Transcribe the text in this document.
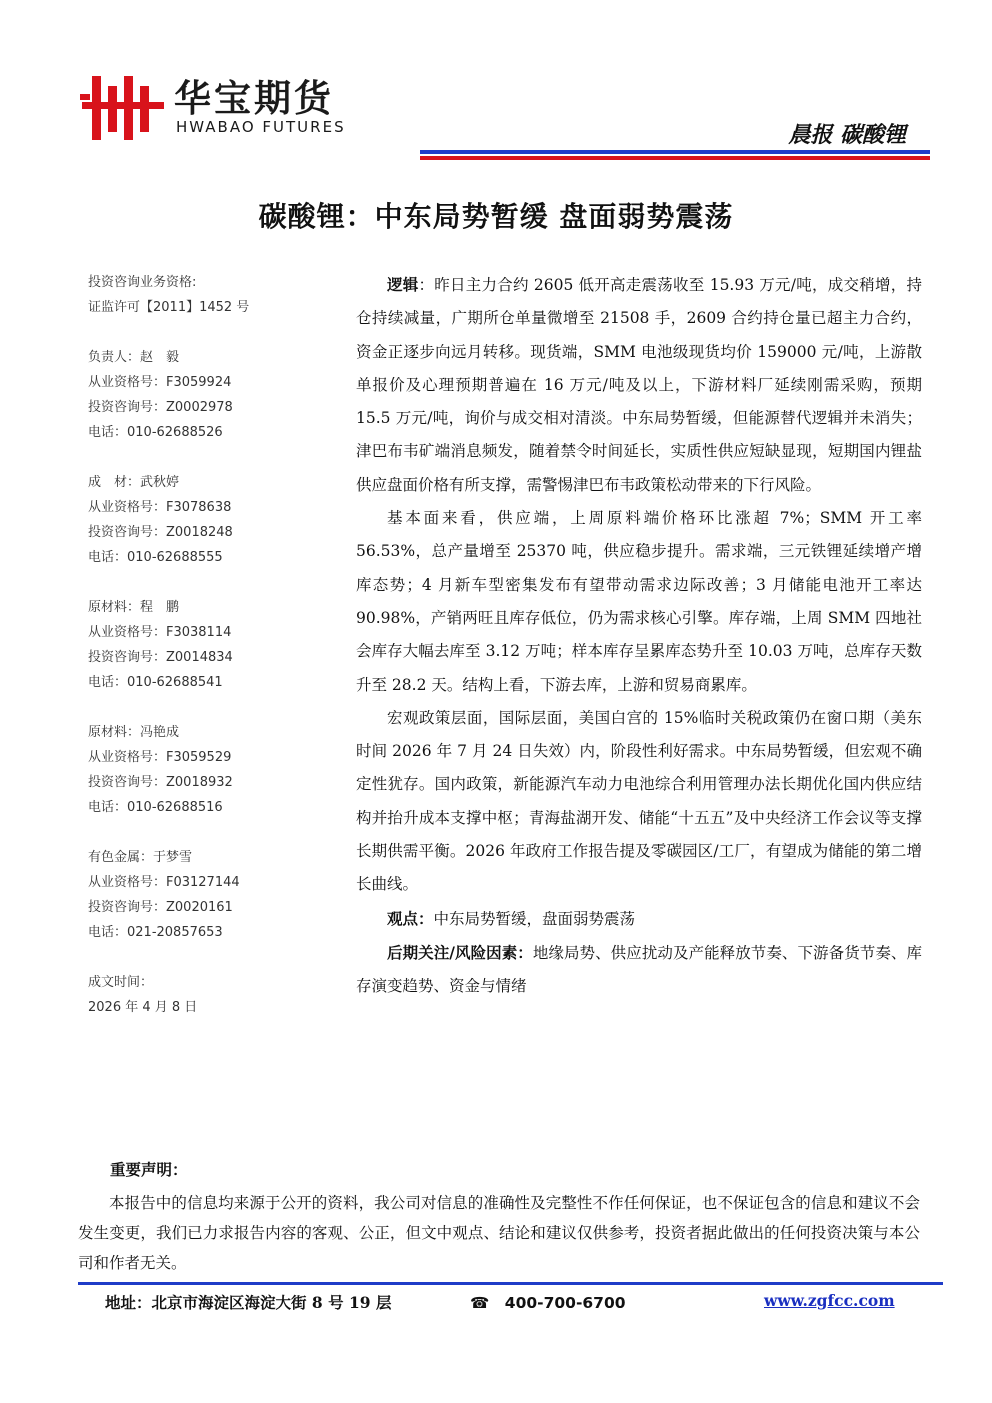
华宝期货
HWABAO FUTURES	晨报 碳酸锂
碳酸锂：中东局势暂缓 盘面弱势震荡
投资咨询业务资格:
证监许可【2011】1452 号
负责人：赵　毅
从业资格号：F3059924
投资咨询号：Z0002978
电话：010-62688526
成　材：武秋婷
从业资格号：F3078638
投资咨询号：Z0018248
电话：010-62688555
原材料：程　鹏
从业资格号：F3038114
投资咨询号：Z0014834
电话：010-62688541
原材料：冯艳成
从业资格号：F3059529
投资咨询号：Z0018932
电话：010-62688516
有色金属：于梦雪
从业资格号：F03127144
投资咨询号：Z0020161
电话：021-20857653
成文时间：
2026 年 4 月 8 日

逻辑：昨日主力合约 2605 低开高走震荡收至 15.93 万元/吨，成交稍增，持仓持续减量，广期所仓单量微增至 21508 手，2609 合约持仓量已超主力合约，资金正逐步向远月转移。现货端，SMM 电池级现货均价 159000 元/吨，上游散单报价及心理预期普遍在 16 万元/吨及以上，下游材料厂延续刚需采购，预期 15.5 万元/吨，询价与成交相对清淡。中东局势暂缓，但能源替代逻辑并未消失；津巴布韦矿端消息频发，随着禁令时间延长，实质性供应短缺显现，短期国内锂盐供应盘面价格有所支撑，需警惕津巴布韦政策松动带来的下行风险。

基本面来看，供应端，上周原料端价格环比涨超 7%；SMM 开工率 56.53%，总产量增至 25370 吨，供应稳步提升。需求端，三元铁锂延续增产增库态势；4 月新车型密集发布有望带动需求边际改善；3 月储能电池开工率达 90.98%，产销两旺且库存低位，仍为需求核心引擎。库存端，上周 SMM 四地社会库存大幅去库至 3.12 万吨；样本库存呈累库态势升至 10.03 万吨，总库存天数升至 28.2 天。结构上看，下游去库，上游和贸易商累库。

宏观政策层面，国际层面，美国白宫的 15%临时关税政策仍在窗口期（美东时间 2026 年 7 月 24 日失效）内，阶段性利好需求。中东局势暂缓，但宏观不确定性犹存。国内政策，新能源汽车动力电池综合利用管理办法长期优化国内供应结构并抬升成本支撑中枢；青海盐湖开发、储能“十五五”及中央经济工作会议等支撑长期供需平衡。2026 年政府工作报告提及零碳园区/工厂，有望成为储能的第二增长曲线。

观点：中东局势暂缓，盘面弱势震荡

后期关注/风险因素：地缘局势、供应扰动及产能释放节奏、下游备货节奏、库存演变趋势、资金与情绪

重要声明：

本报告中的信息均来源于公开的资料，我公司对信息的准确性及完整性不作任何保证，也不保证包含的信息和建议不会发生变更，我们已力求报告内容的客观、公正，但文中观点、结论和建议仅供参考，投资者据此做出的任何投资决策与本公司和作者无关。

地址：北京市海淀区海淀大街 8 号 19 层	☎　400-700-6700	www.zgfcc.com
